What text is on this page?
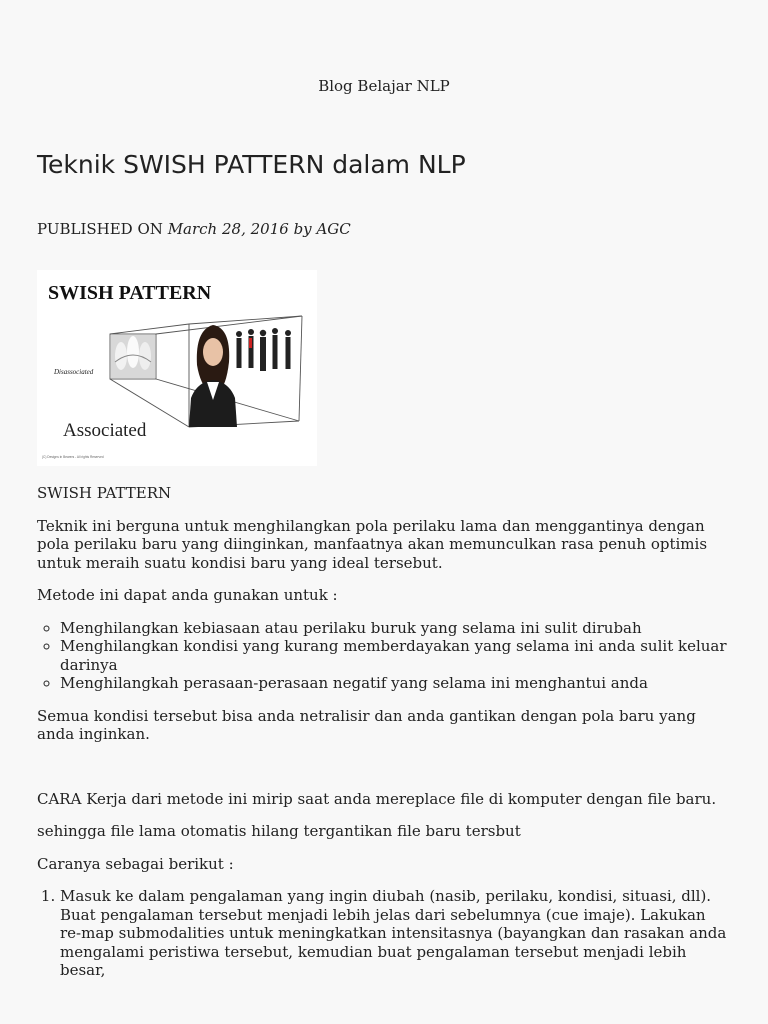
Blog Belajar NLP
Teknik SWISH PATTERN dalam NLP
PUBLISHED ON March 28, 2016 by AGC
SWISH PATTERN
Disassociated
Associated
(C) Designs in Bearers - All rights Reserved

SWISH PATTERN

Teknik ini berguna untuk menghilangkan pola perilaku lama dan menggantinya dengan pola perilaku baru yang diinginkan, manfaatnya akan memunculkan rasa penuh optimis untuk meraih suatu kondisi baru yang ideal tersebut.

Metode ini dapat anda gunakan untuk :

◦ Menghilangkan kebiasaan atau perilaku buruk yang selama ini sulit dirubah
◦ Menghilangkan kondisi yang kurang memberdayakan yang selama ini anda sulit keluar darinya
◦ Menghilangkah perasaan-perasaan negatif yang selama ini menghantui anda

Semua kondisi tersebut bisa anda netralisir dan anda gantikan dengan pola baru yang anda inginkan.

CARA Kerja dari metode ini mirip saat anda mereplace file di komputer dengan file baru.

sehingga file lama otomatis hilang tergantikan file baru tersbut

Caranya sebagai berikut :

1. Masuk ke dalam pengalaman yang ingin diubah (nasib, perilaku, kondisi, situasi, dll). Buat pengalaman tersebut menjadi lebih jelas dari sebelumnya (cue imaje). Lakukan re-map submodalities untuk meningkatkan intensitasnya (bayangkan dan rasakan anda mengalami peristiwa tersebut, kemudian buat pengalaman tersebut menjadi lebih besar,
